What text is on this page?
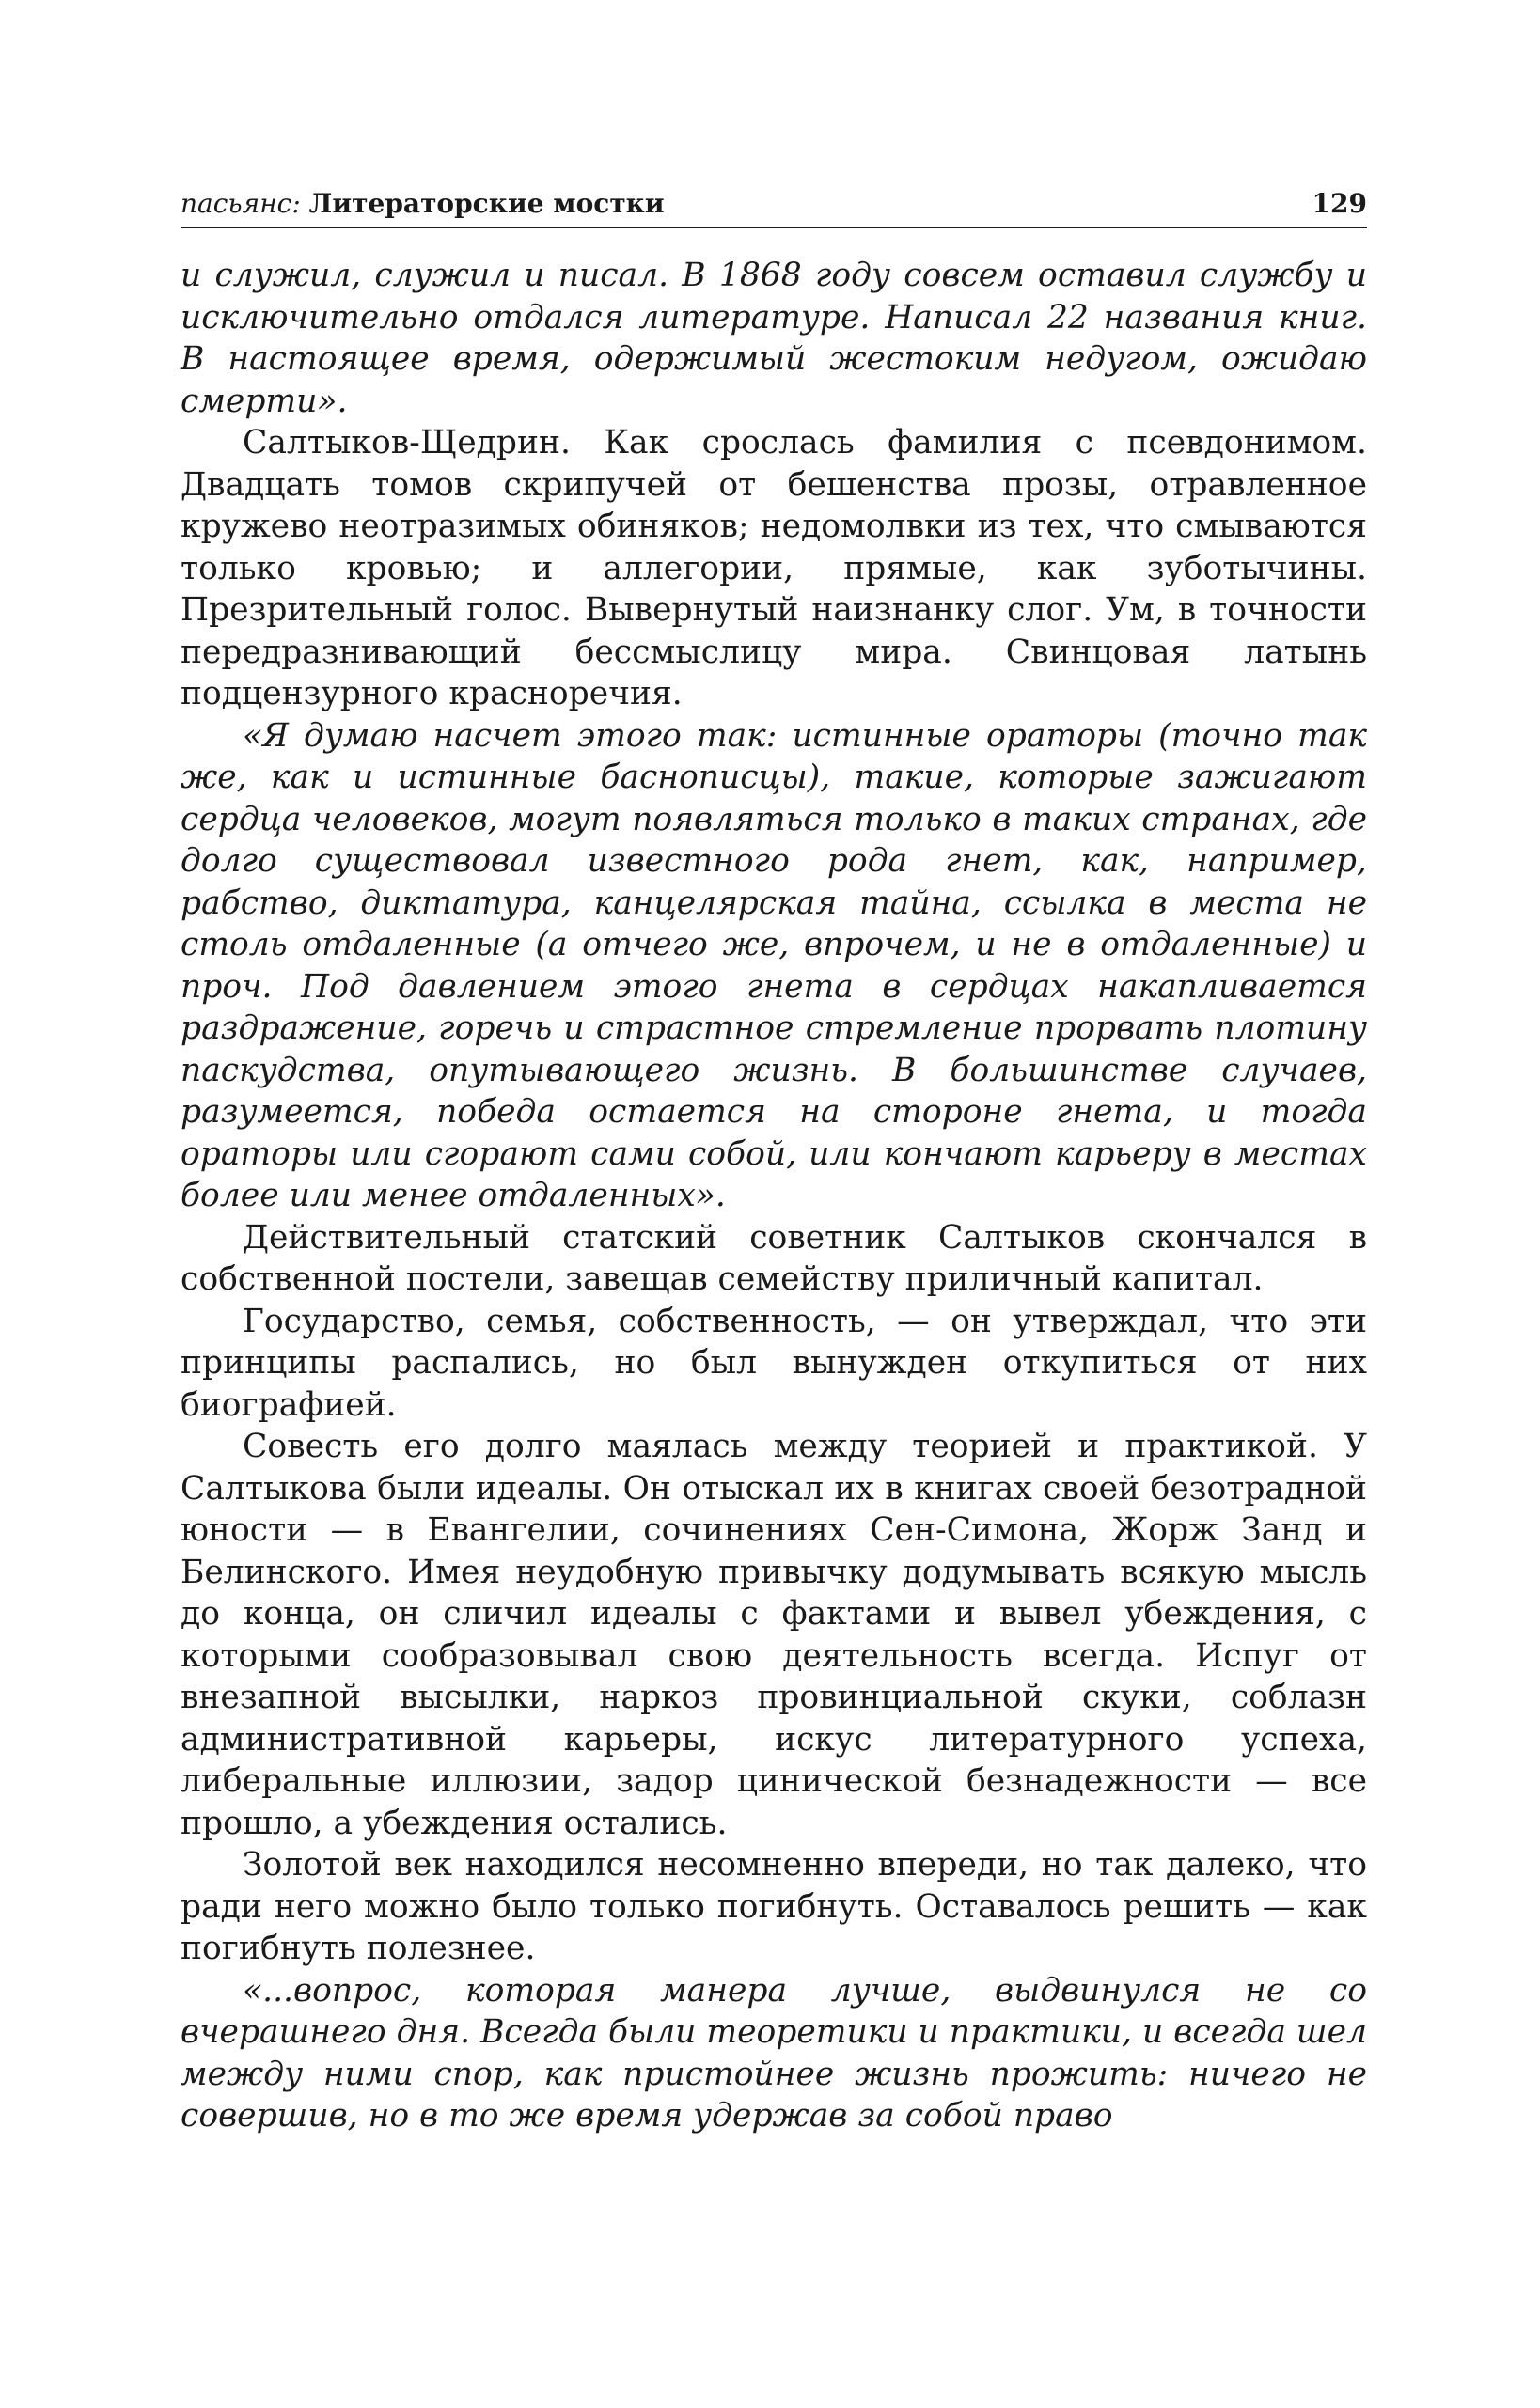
пасьянс: Литераторские мостки	129

и служил, служил и писал. В 1868 году совсем оставил службу и исключительно отдался литературе. Написал 22 названия книг. В настоящее время, одержимый жестоким недугом, ожидаю смерти».

Салтыков-Щедрин. Как срослась фамилия с псевдонимом. Двадцать томов скрипучей от бешенства прозы, отравленное кружево неотразимых обиняков; недомолвки из тех, что смываются только кровью; и аллегории, прямые, как зуботычины. Презрительный голос. Вывернутый наизнанку слог. Ум, в точности передразнивающий бессмыслицу мира. Свинцовая латынь подцензурного красноречия.

«Я думаю насчет этого так: истинные ораторы (точно так же, как и истинные баснописцы), такие, которые зажигают сердца человеков, могут появляться только в таких странах, где долго существовал известного рода гнет, как, например, рабство, диктатура, канцелярская тайна, ссылка в места не столь отдаленные (а отчего же, впрочем, и не в отдаленные) и проч. Под давлением этого гнета в сердцах накапливается раздражение, горечь и страстное стремление прорвать плотину паскудства, опутывающего жизнь. В большинстве случаев, разумеется, победа остается на стороне гнета, и тогда ораторы или сгорают сами собой, или кончают карьеру в местах более или менее отдаленных».

Действительный статский советник Салтыков скончался в собственной постели, завещав семейству приличный капитал.

Государство, семья, собственность, — он утверждал, что эти принципы распались, но был вынужден откупиться от них биографией.

Совесть его долго маялась между теорией и практикой. У Салтыкова были идеалы. Он отыскал их в книгах своей безотрадной юности — в Евангелии, сочинениях Сен-Симона, Жорж Занд и Белинского. Имея неудобную привычку додумывать всякую мысль до конца, он сличил идеалы с фактами и вывел убеждения, с которыми сообразовывал свою деятельность всегда. Испуг от внезапной высылки, наркоз провинциальной скуки, соблазн административной карьеры, искус литературного успеха, либеральные иллюзии, задор цинической безнадежности — все прошло, а убеждения остались.

Золотой век находился несомненно впереди, но так далеко, что ради него можно было только погибнуть. Оставалось решить — как погибнуть полезнее.

«...вопрос, которая манера лучше, выдвинулся не со вчерашнего дня. Всегда были теоретики и практики, и всегда шел между ними спор, как пристойнее жизнь прожить: ничего не совершив, но в то же время удержав за собой право
